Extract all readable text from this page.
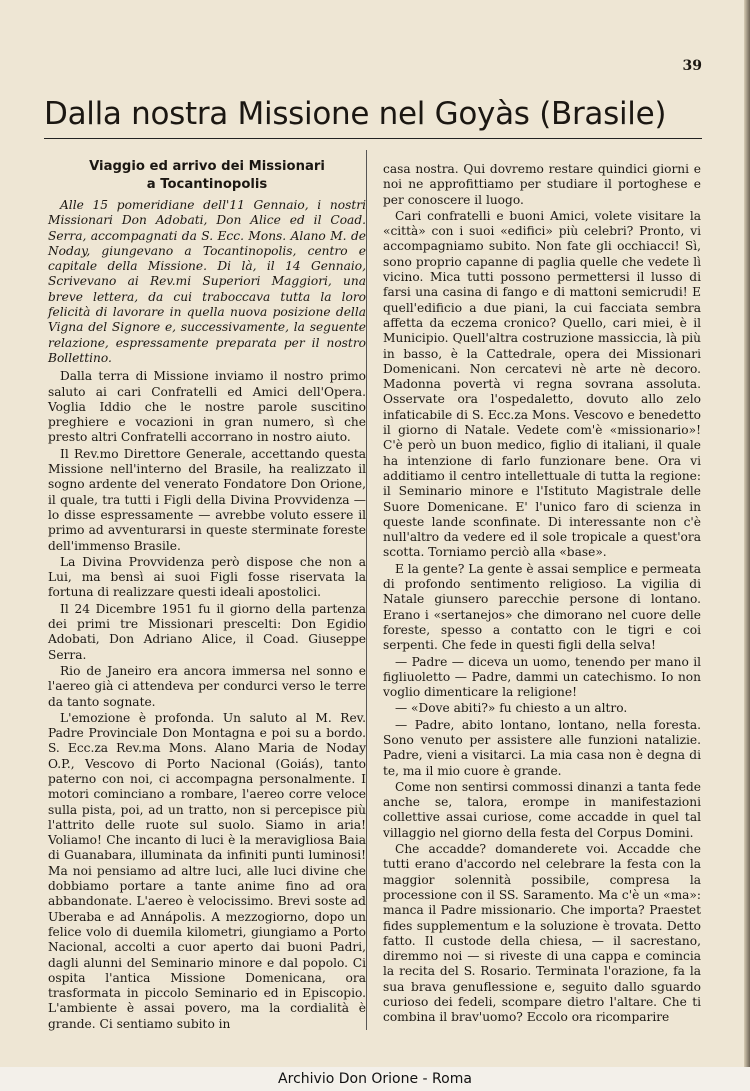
39
Dalla nostra Missione nel Goyàs (Brasile)
Viaggio ed arrivo dei Missionari
a Tocantinopolis

Alle 15 pomeridiane dell'11 Gennaio, i nostri Missionari Don Adobati, Don Alice ed il Coad. Serra, accompagnati da S. Ecc. Mons. Alano M. de Noday, giungevano a Tocantinopolis, centro e capitale della Missione. Di là, il 14 Gennaio, Scrivevano ai Rev.mi Superiori Maggiori, una breve lettera, da cui traboccava tutta la loro felicità di lavorare in quella nuova posizione della Vigna del Signore e, successivamente, la seguente relazione, espressamente preparata per il nostro Bollettino.

Dalla terra di Missione inviamo il nostro primo saluto ai cari Confratelli ed Amici dell'Opera. Voglia Iddio che le nostre parole suscitino preghiere e vocazioni in gran numero, sì che presto altri Confratelli accorrano in nostro aiuto.

Il Rev.mo Direttore Generale, accettando questa Missione nell'interno del Brasile, ha realizzato il sogno ardente del venerato Fondatore Don Orione, il quale, tra tutti i Figli della Divina Provvidenza — lo disse espressamente — avrebbe voluto essere il primo ad avventurarsi in queste sterminate foreste dell'immenso Brasile.

La Divina Provvidenza però dispose che non a Lui, ma bensì ai suoi Figli fosse riservata la fortuna di realizzare questi ideali apostolici.

Il 24 Dicembre 1951 fu il giorno della partenza dei primi tre Missionari prescelti: Don Egidio Adobati, Don Adriano Alice, il Coad. Giuseppe Serra.

Rio de Janeiro era ancora immersa nel sonno e l'aereo già ci attendeva per condurci verso le terre da tanto sognate.

L'emozione è profonda. Un saluto al M. Rev. Padre Provinciale Don Montagna e poi su a bordo. S. Ecc.za Rev.ma Mons. Alano Maria de Noday O.P., Vescovo di Porto Nacional (Goiás), tanto paterno con noi, ci accompagna personalmente. I motori cominciano a rombare, l'aereo corre veloce sulla pista, poi, ad un tratto, non si percepisce più l'attrito delle ruote sul suolo. Siamo in aria! Voliamo! Che incanto di luci è la meravigliosa Baia di Guanabara, illuminata da infiniti punti luminosi! Ma noi pensiamo ad altre luci, alle luci divine che dobbiamo portare a tante anime fino ad ora abbandonate. L'aereo è velocissimo. Brevi soste ad Uberaba e ad Annápolis. A mezzogiorno, dopo un felice volo di duemila kilometri, giungiamo a Porto Nacional, accolti a cuor aperto dai buoni Padri, dagli alunni del Seminario minore e dal popolo. Ci ospita l'antica Missione Domenicana, ora trasformata in piccolo Seminario ed in Episcopio. L'ambiente è assai povero, ma la cordialità è grande. Ci sentiamo subito in

casa nostra. Qui dovremo restare quindici giorni e noi ne approfittiamo per studiare il portoghese e per conoscere il luogo.

Cari confratelli e buoni Amici, volete visitare la «città» con i suoi «edifici» più celebri? Pronto, vi accompagniamo subito. Non fate gli occhiacci! Sì, sono proprio capanne di paglia quelle che vedete lì vicino. Mica tutti possono permettersi il lusso di farsi una casina di fango e di mattoni semicrudi! E quell'edificio a due piani, la cui facciata sembra affetta da eczema cronico? Quello, cari miei, è il Municipio. Quell'altra costruzione massiccia, là più in basso, è la Cattedrale, opera dei Missionari Domenicani. Non cercatevi nè arte nè decoro. Madonna povertà vi regna sovrana assoluta. Osservate ora l'ospedaletto, dovuto allo zelo infaticabile di S. Ecc.za Mons. Vescovo e benedetto il giorno di Natale. Vedete com'è «missionario»! C'è però un buon medico, figlio di italiani, il quale ha intenzione di farlo funzionare bene. Ora vi additiamo il centro intellettuale di tutta la regione: il Seminario minore e l'Istituto Magistrale delle Suore Domenicane. E' l'unico faro di scienza in queste lande sconfinate. Di interessante non c'è null'altro da vedere ed il sole tropicale a quest'ora scotta. Torniamo perciò alla «base».

E la gente? La gente è assai semplice e permeata di profondo sentimento religioso. La vigilia di Natale giunsero parecchie persone di lontano. Erano i «sertanejos» che dimorano nel cuore delle foreste, spesso a contatto con le tigri e coi serpenti. Che fede in questi figli della selva!

— Padre — diceva un uomo, tenendo per mano il figliuoletto — Padre, dammi un catechismo. Io non voglio dimenticare la religione!

— «Dove abiti?» fu chiesto a un altro.

— Padre, abito lontano, lontano, nella foresta. Sono venuto per assistere alle funzioni natalizie. Padre, vieni a visitarci. La mia casa non è degna di te, ma il mio cuore è grande.

Come non sentirsi commossi dinanzi a tanta fede anche se, talora, erompe in manifestazioni collettive assai curiose, come accadde in quel tal villaggio nel giorno della festa del Corpus Domini.

Che accadde? domanderete voi. Accadde che tutti erano d'accordo nel celebrare la festa con la maggior solennità possibile, compresa la processione con il SS. Saramento. Ma c'è un «ma»: manca il Padre missionario. Che importa? Praestet fides supplementum e la soluzione è trovata. Detto fatto. Il custode della chiesa, — il sacrestano, diremmo noi — si riveste di una cappa e comincia la recita del S. Rosario. Terminata l'orazione, fa la sua brava genuflessione e, seguito dallo sguardo curioso dei fedeli, scompare dietro l'altare. Che ti combina il brav'uomo? Eccolo ora ricomparire

Archivio Don Orione - Roma
